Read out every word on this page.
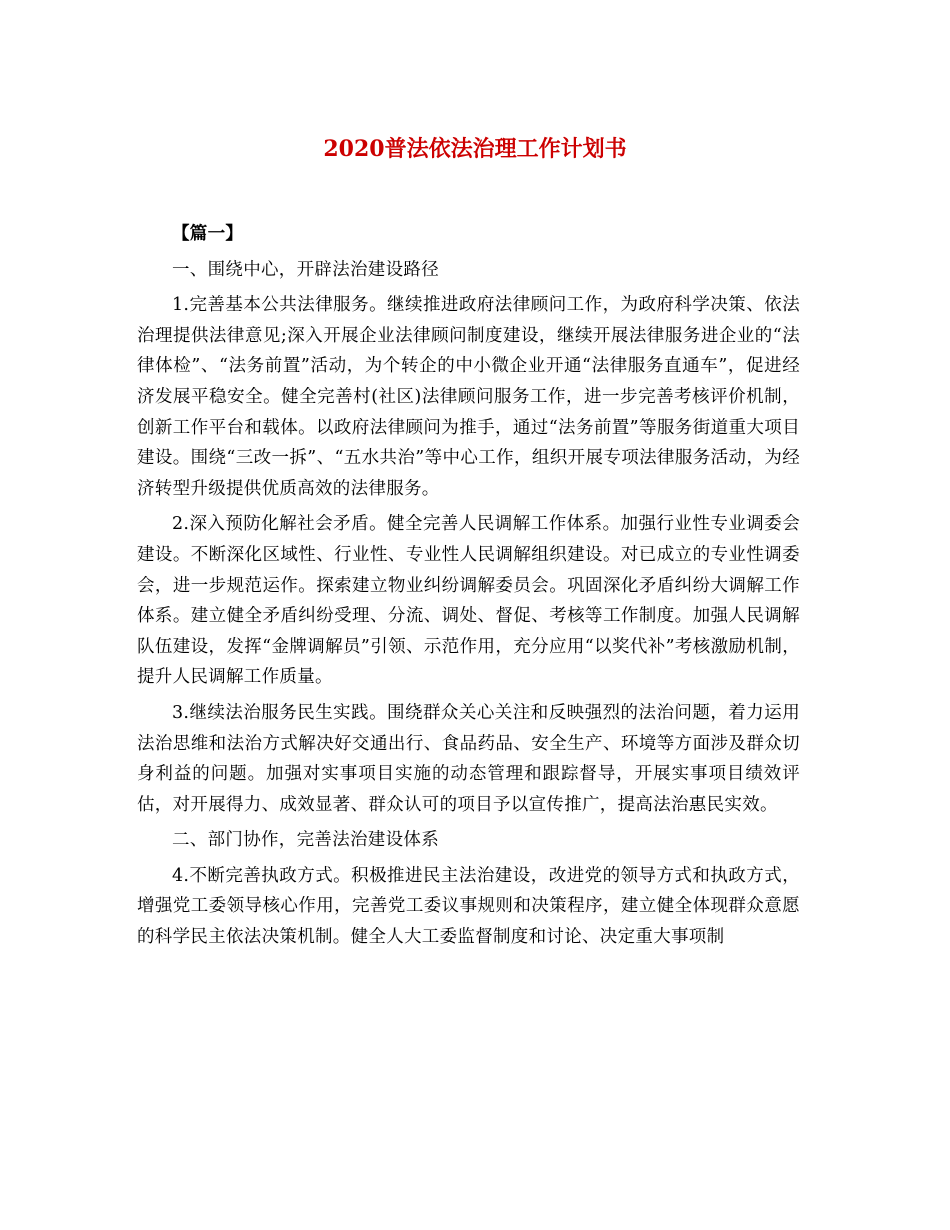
2020普法依法治理工作计划书

【篇一】

一、围绕中心，开辟法治建设路径

1.完善基本公共法律服务。继续推进政府法律顾问工作，为政府科学决策、依法治理提供法律意见;深入开展企业法律顾问制度建设，继续开展法律服务进企业的“法律体检”、“法务前置”活动，为个转企的中小微企业开通“法律服务直通车”，促进经济发展平稳安全。健全完善村(社区)法律顾问服务工作，进一步完善考核评价机制，创新工作平台和载体。以政府法律顾问为推手，通过“法务前置”等服务街道重大项目建设。围绕“三改一拆”、“五水共治”等中心工作，组织开展专项法律服务活动，为经济转型升级提供优质高效的法律服务。

2.深入预防化解社会矛盾。健全完善人民调解工作体系。加强行业性专业调委会建设。不断深化区域性、行业性、专业性人民调解组织建设。对已成立的专业性调委会，进一步规范运作。探索建立物业纠纷调解委员会。巩固深化矛盾纠纷大调解工作体系。建立健全矛盾纠纷受理、分流、调处、督促、考核等工作制度。加强人民调解队伍建设，发挥“金牌调解员”引领、示范作用，充分应用“以奖代补”考核激励机制，提升人民调解工作质量。

3.继续法治服务民生实践。围绕群众关心关注和反映强烈的法治问题，着力运用法治思维和法治方式解决好交通出行、食品药品、安全生产、环境等方面涉及群众切身利益的问题。加强对实事项目实施的动态管理和跟踪督导，开展实事项目绩效评估，对开展得力、成效显著、群众认可的项目予以宣传推广，提高法治惠民实效。

二、部门协作，完善法治建设体系

4.不断完善执政方式。积极推进民主法治建设，改进党的领导方式和执政方式，增强党工委领导核心作用，完善党工委议事规则和决策程序，建立健全体现群众意愿的科学民主依法决策机制。健全人大工委监督制度和讨论、决定重大事项制
